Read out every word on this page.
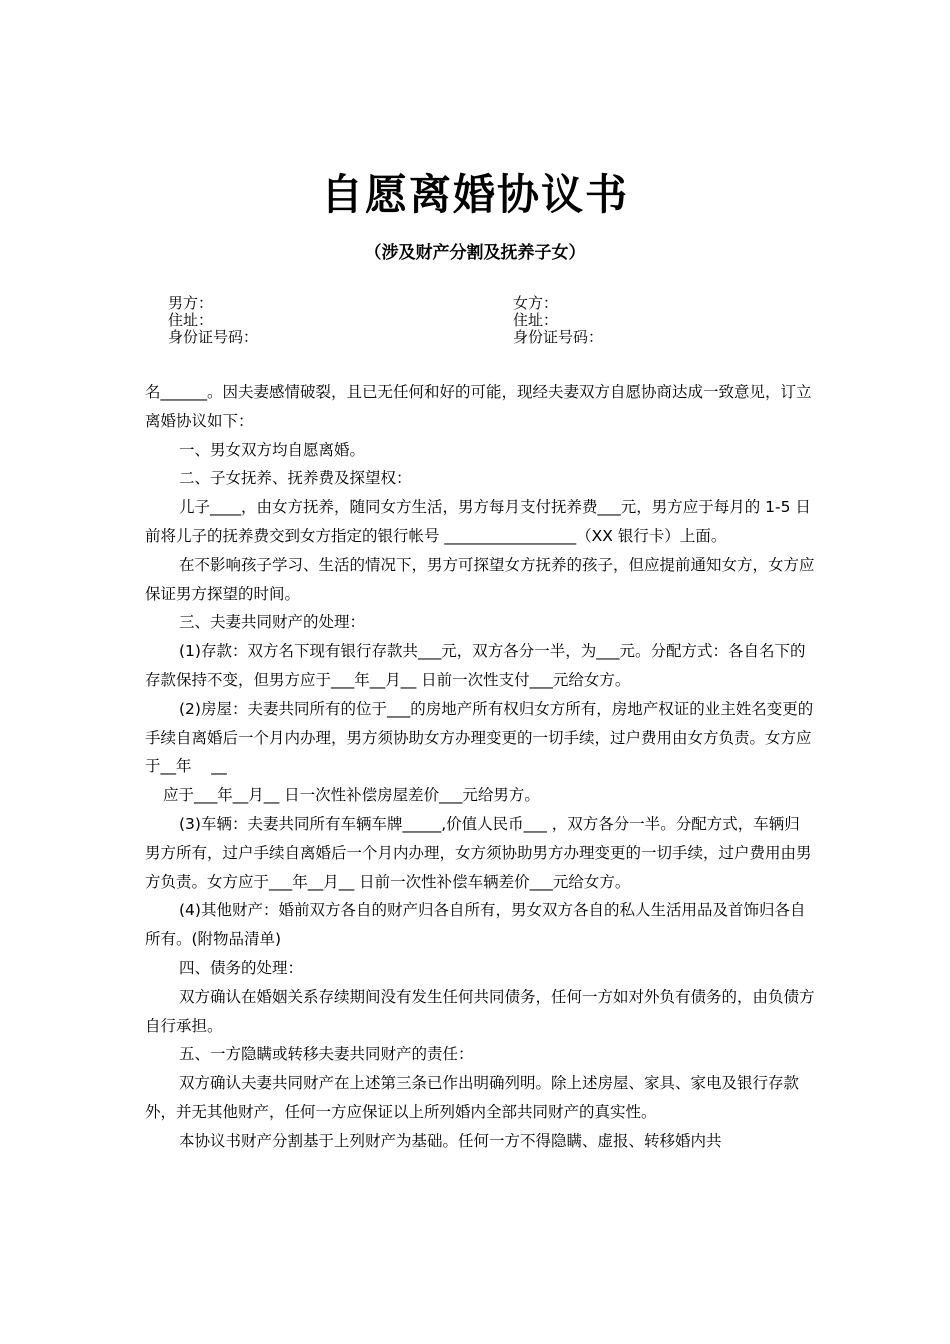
自愿离婚协议书
（涉及财产分割及抚养子女）
男方：
住址：
身份证号码：
女方：
住址：
身份证号码：

名______。因夫妻感情破裂，且已无任何和好的可能，现经夫妻双方自愿协商达成一致意见，订立离婚协议如下：

一、男女双方均自愿离婚。

二、子女抚养、抚养费及探望权：

儿子____，由女方抚养，随同女方生活，男方每月支付抚养费___元，男方应于每月的 1-5 日前将儿子的抚养费交到女方指定的银行帐号 _________________（XX 银行卡）上面。

在不影响孩子学习、生活的情况下，男方可探望女方抚养的孩子，但应提前通知女方，女方应保证男方探望的时间。

三、夫妻共同财产的处理：

(1)存款：双方名下现有银行存款共___元，双方各分一半，为___元。分配方式：各自名下的存款保持不变，但男方应于___年__月__ 日前一次性支付___元给女方。

(2)房屋：夫妻共同所有的位于___的房地产所有权归女方所有，房地产权证的业主姓名变更的手续自离婚后一个月内办理，男方须协助女方办理变更的一切手续，过户费用由女方负责。女方应于__年    __

应于___年__月__ 日一次性补偿房屋差价___元给男方。

(3)车辆：夫妻共同所有车辆车牌_____,价值人民币___ ，双方各分一半。分配方式，车辆归男方所有，过户手续自离婚后一个月内办理，女方须协助男方办理变更的一切手续，过户费用由男方负责。女方应于___年__月__ 日前一次性补偿车辆差价___元给女方。

(4)其他财产：婚前双方各自的财产归各自所有，男女双方各自的私人生活用品及首饰归各自所有。(附物品清单)

四、债务的处理：

双方确认在婚姻关系存续期间没有发生任何共同债务，任何一方如对外负有债务的，由负债方自行承担。

五、一方隐瞒或转移夫妻共同财产的责任：

双方确认夫妻共同财产在上述第三条已作出明确列明。除上述房屋、家具、家电及银行存款外，并无其他财产，任何一方应保证以上所列婚内全部共同财产的真实性。

本协议书财产分割基于上列财产为基础。任何一方不得隐瞒、虚报、转移婚内共
